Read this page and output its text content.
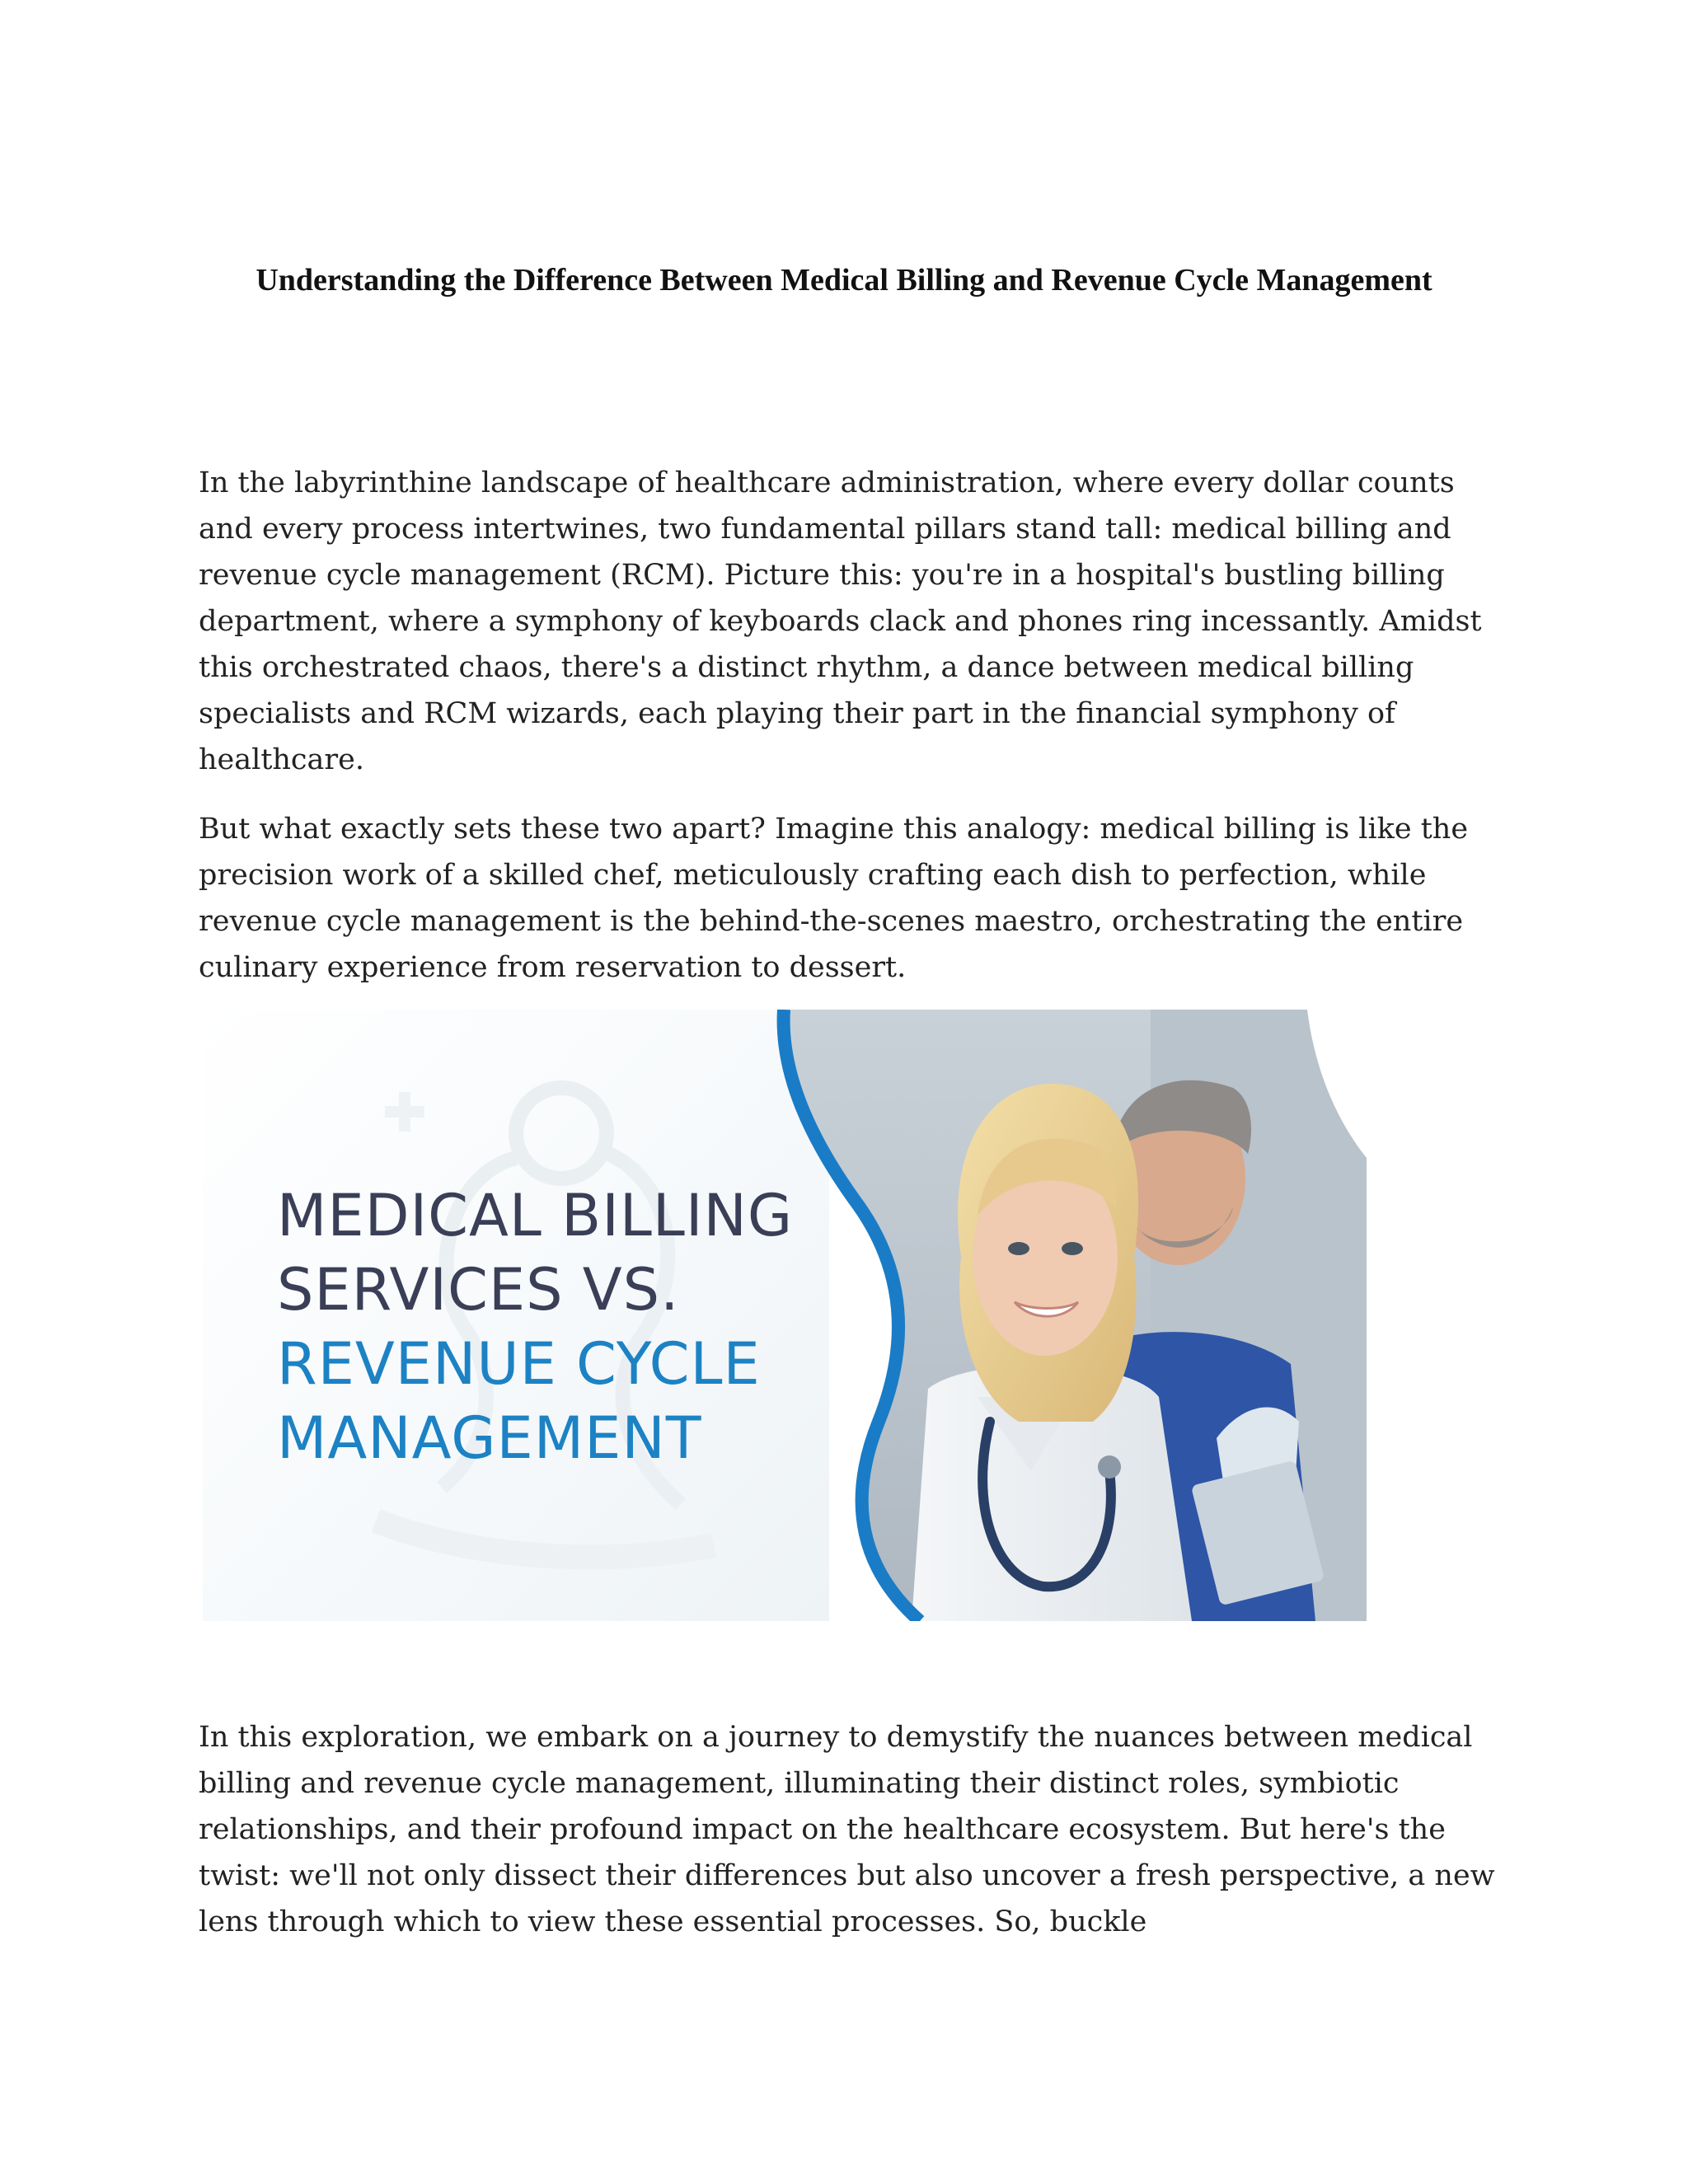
Understanding the Difference Between Medical Billing and Revenue Cycle Management

In the labyrinthine landscape of healthcare administration, where every dollar counts and every process intertwines, two fundamental pillars stand tall: medical billing and revenue cycle management (RCM). Picture this: you're in a hospital's bustling billing department, where a symphony of keyboards clack and phones ring incessantly. Amidst this orchestrated chaos, there's a distinct rhythm, a dance between medical billing specialists and RCM wizards, each playing their part in the financial symphony of healthcare.

But what exactly sets these two apart? Imagine this analogy: medical billing is like the precision work of a skilled chef, meticulously crafting each dish to perfection, while revenue cycle management is the behind-the-scenes maestro, orchestrating the entire culinary experience from reservation to dessert.

MEDICAL BILLING
SERVICES VS.
REVENUE CYCLE
MANAGEMENT

In this exploration, we embark on a journey to demystify the nuances between medical billing and revenue cycle management, illuminating their distinct roles, symbiotic relationships, and their profound impact on the healthcare ecosystem. But here's the twist: we'll not only dissect their differences but also uncover a fresh perspective, a new lens through which to view these essential processes. So, buckle
